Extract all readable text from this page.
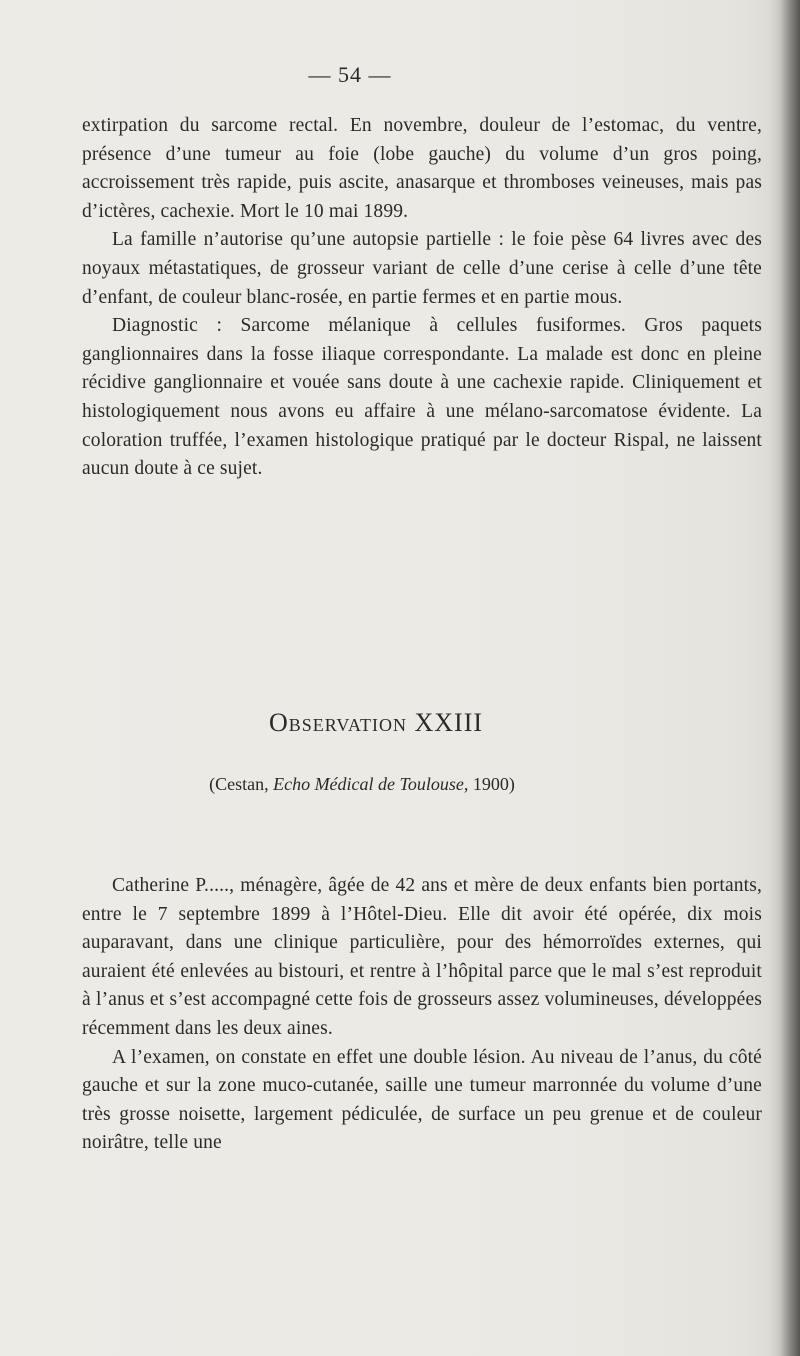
— 54 —

extirpation du sarcome rectal. En novembre, douleur de l’estomac, du ventre, présence d’une tumeur au foie (lobe gauche) du volume d’un gros poing, accroissement très rapide, puis ascite, anasarque et thromboses veineuses, mais pas d’ictères, cachexie. Mort le 10 mai 1899.

La famille n’autorise qu’une autopsie partielle : le foie pèse 64 livres avec des noyaux métastatiques, de grosseur variant de celle d’une cerise à celle d’une tête d’enfant, de couleur blanc-rosée, en partie fermes et en partie mous.

Diagnostic : Sarcome mélanique à cellules fusiformes. Gros paquets ganglionnaires dans la fosse iliaque correspondante. La malade est donc en pleine récidive ganglionnaire et vouée sans doute à une cachexie rapide. Cliniquement et histologiquement nous avons eu affaire à une mélano-sarcomatose évidente. La coloration truffée, l’examen histologique pratiqué par le docteur Rispal, ne laissent aucun doute à ce sujet.

Observation XXIII
(Cestan, Echo Médical de Toulouse, 1900)

Catherine P....., ménagère, âgée de 42 ans et mère de deux enfants bien portants, entre le 7 septembre 1899 à l’Hôtel-Dieu. Elle dit avoir été opérée, dix mois auparavant, dans une clinique particulière, pour des hémorroïdes externes, qui auraient été enlevées au bistouri, et rentre à l’hôpital parce que le mal s’est reproduit à l’anus et s’est accompagné cette fois de grosseurs assez volumineuses, développées récemment dans les deux aines.

A l’examen, on constate en effet une double lésion. Au niveau de l’anus, du côté gauche et sur la zone muco-cutanée, saille une tumeur marronnée du volume d’une très grosse noisette, largement pédiculée, de surface un peu grenue et de couleur noirâtre, telle une
